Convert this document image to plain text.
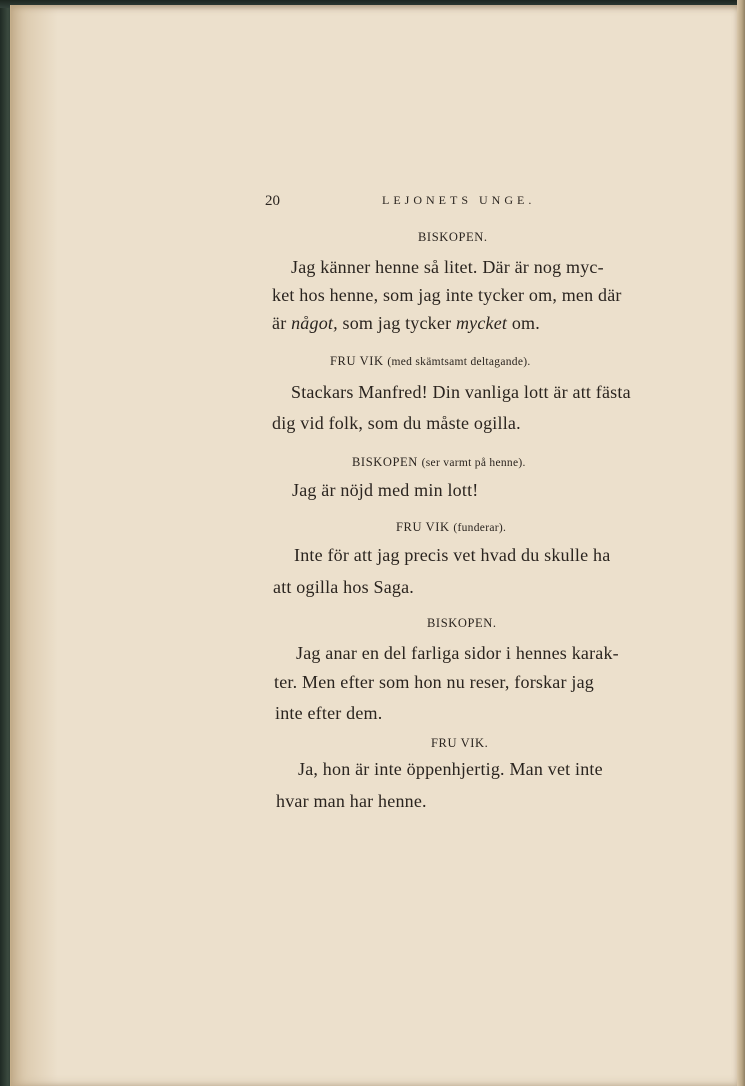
20	LEJONETS UNGE.
BISKOPEN.
Jag känner henne så litet. Där är nog myc-
ket hos henne, som jag inte tycker om, men där
är något, som jag tycker mycket om.
FRU VIK (med skämtsamt deltagande).
Stackars Manfred! Din vanliga lott är att fästa
dig vid folk, som du måste ogilla.
BISKOPEN (ser varmt på henne).
Jag är nöjd med min lott!
FRU VIK (funderar).
Inte för att jag precis vet hvad du skulle ha
att ogilla hos Saga.
BISKOPEN.
Jag anar en del farliga sidor i hennes karak-
ter. Men efter som hon nu reser, forskar jag
inte efter dem.
FRU VIK.
Ja, hon är inte öppenhjertig. Man vet inte
hvar man har henne.
